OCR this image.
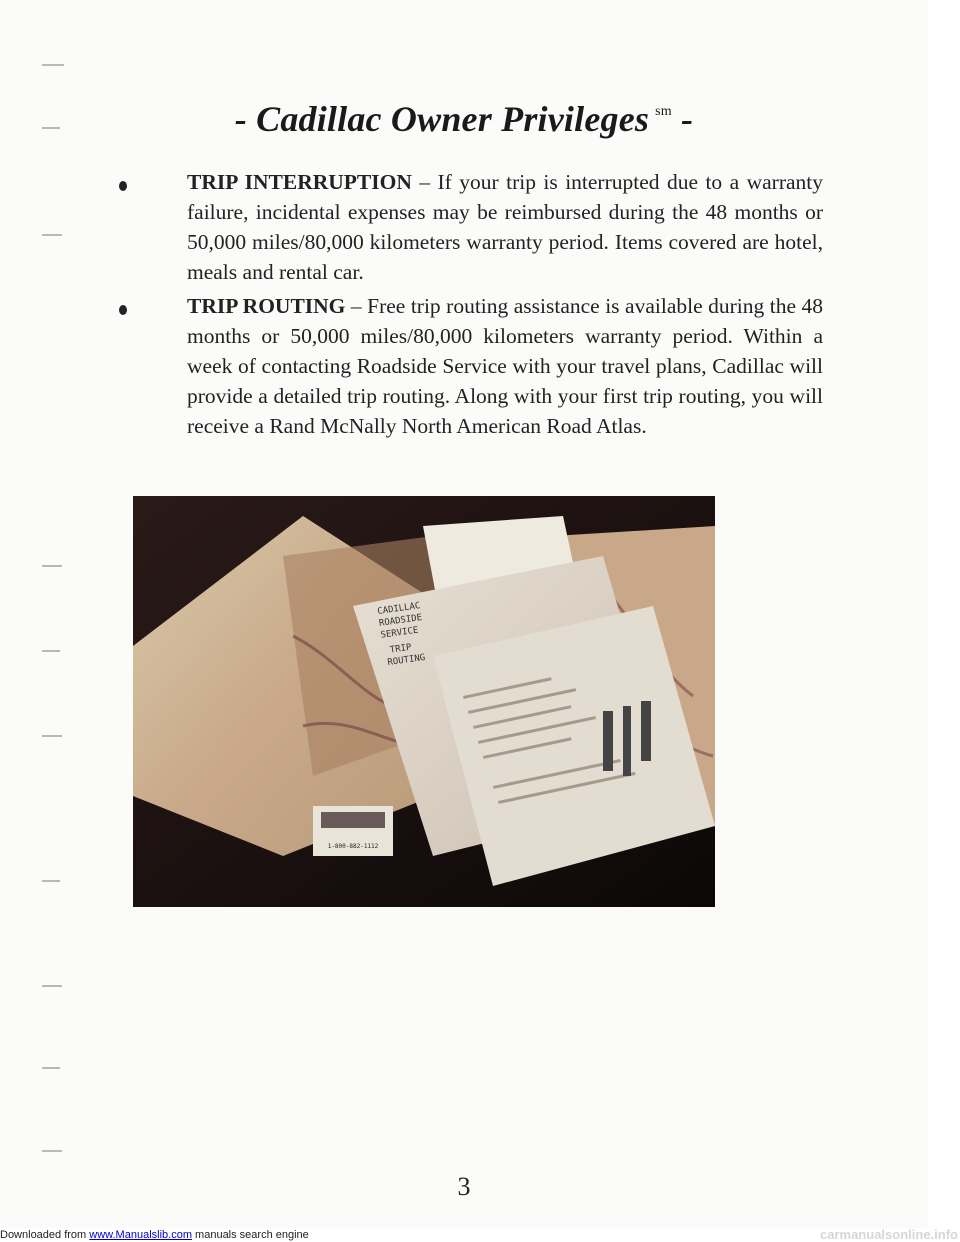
- Cadillac Owner Privileges $^{sm}$ -
TRIP INTERRUPTION – If your trip is interrupted due to a warranty failure, incidental expenses may be reimbursed during the 48 months or 50,000 miles/80,000 kilometers warranty period. Items covered are hotel, meals and rental car.
TRIP ROUTING – Free trip routing assistance is available during the 48 months or 50,000 miles/80,000 kilometers warranty period. Within a week of contacting Roadside Service with your travel plans, Cadillac will provide a detailed trip routing. Along with your first trip routing, you will receive a Rand McNally North American Road Atlas.
CADILLAC
ROADSIDE
SERVICE
TRIP
ROUTING
1-800-882-1112
3
Downloaded from www.Manualslib.com manuals search engine	carmanualsonline.info
